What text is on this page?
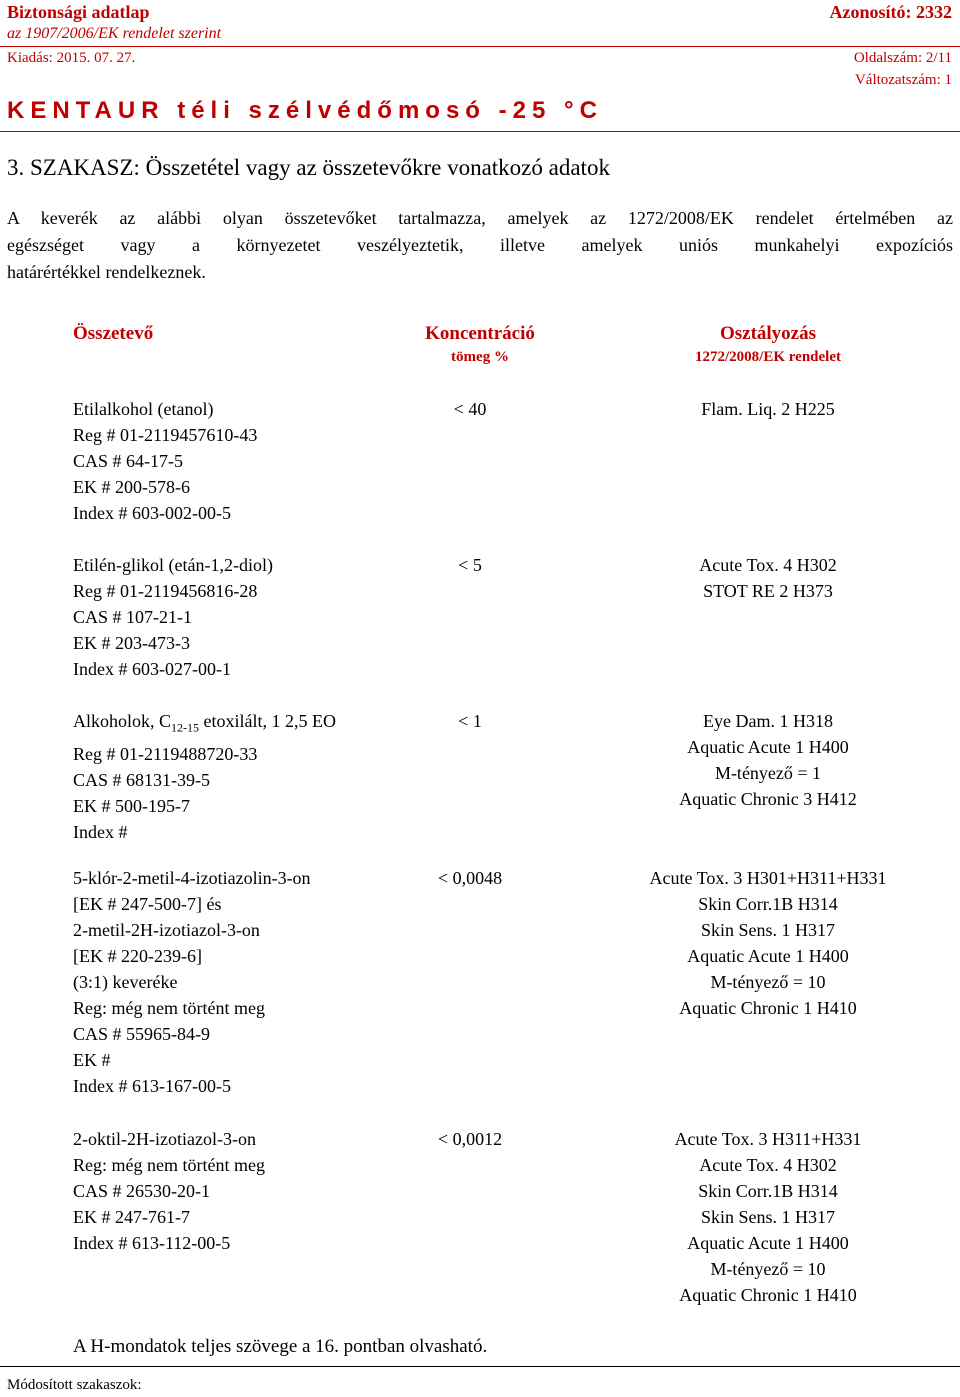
Biztonsági adatlap	Azonosító: 2332
az 1907/2006/EK rendelet szerint
Kiadás: 2015. 07. 27.	Oldalszám: 2/11
Változatszám: 1
KENTAUR téli szélvédőmosó -25 °C
3. SZAKASZ: Összetétel vagy az összetevőkre vonatkozó adatok
A keverék az alábbi olyan összetevőket tartalmazza, amelyek az 1272/2008/EK rendelet értelmében az
egészséget vagy a környezetet veszélyeztetik, illetve amelyek uniós munkahelyi expozíciós
határértékkel rendelkeznek.
Összetevő	Koncentráció
tömeg %
Osztályozás
1272/2008/EK rendelet
Etilalkohol (etanol)
Reg # 01-2119457610-43
CAS # 64-17-5
EK # 200-578-6
Index # 603-002-00-5
< 40	Flam. Liq. 2 H225
Etilén-glikol (etán-1,2-diol)
Reg # 01-2119456816-28
CAS # 107-21-1
EK # 203-473-3
Index # 603-027-00-1
< 5	Acute Tox. 4 H302
STOT RE 2 H373
Alkoholok, $C_{12-15}$ etoxilált, 1 2,5 EO
Reg # 01-2119488720-33
CAS # 68131-39-5
EK # 500-195-7
Index #
< 1	Eye Dam. 1 H318
Aquatic Acute 1 H400
M-tényező = 1
Aquatic Chronic 3 H412
5-klór-2-metil-4-izotiazolin-3-on
[EK # 247-500-7] és
2-metil-2H-izotiazol-3-on
[EK # 220-239-6]
(3:1) keveréke
Reg: még nem történt meg
CAS # 55965-84-9
EK #
Index # 613-167-00-5
< 0,0048	Acute Tox. 3 H301+H311+H331
Skin Corr.1B H314
Skin Sens. 1 H317
Aquatic Acute 1 H400
M-tényező = 10
Aquatic Chronic 1 H410
2-oktil-2H-izotiazol-3-on
Reg: még nem történt meg
CAS # 26530-20-1
EK # 247-761-7
Index # 613-112-00-5
< 0,0012	Acute Tox. 3 H311+H331
Acute Tox. 4 H302
Skin Corr.1B H314
Skin Sens. 1 H317
Aquatic Acute 1 H400
M-tényező = 10
Aquatic Chronic 1 H410
A H-mondatok teljes szövege a 16. pontban olvasható.
Módosított szakaszok:
